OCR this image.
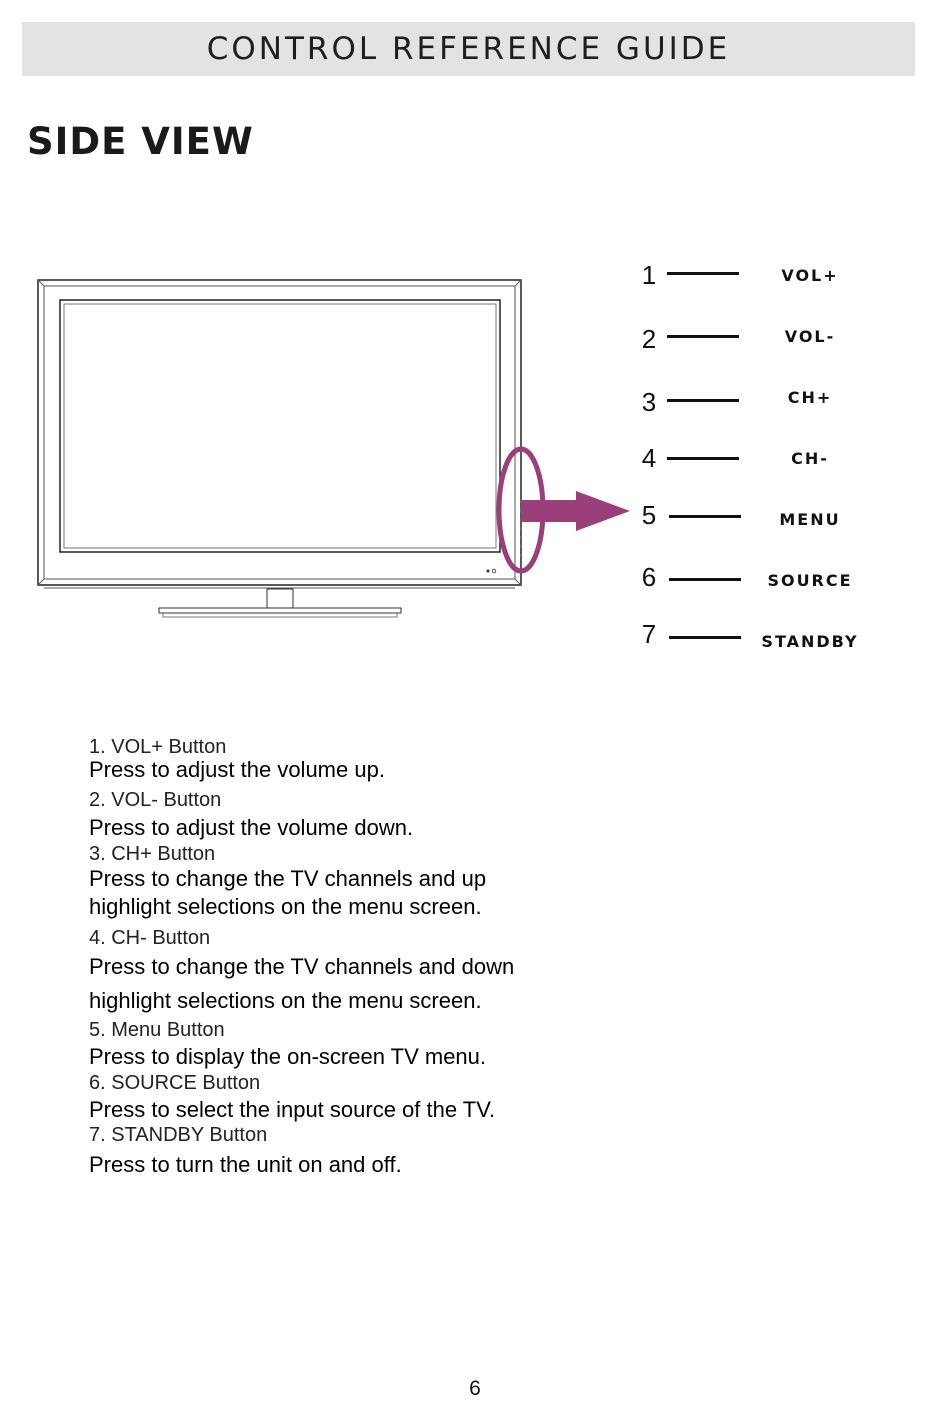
CONTROL REFERENCE GUIDE
SIDE VIEW
1	VOL+
2	VOL-
3	CH+
4	CH-
5	MENU
6	SOURCE
7	STANDBY

1. VOL+ Button

Press to adjust the volume up.

2. VOL- Button

Press to adjust the volume down.

3. CH+ Button

Press to change the TV channels and up

highlight selections on the menu screen.

4. CH- Button

Press to change the TV channels and down

highlight selections on the menu screen.

5. Menu Button

Press to display the on-screen TV menu.

6. SOURCE Button

Press to select the input source of the TV.

7. STANDBY Button

Press to turn the unit on and off.

6
